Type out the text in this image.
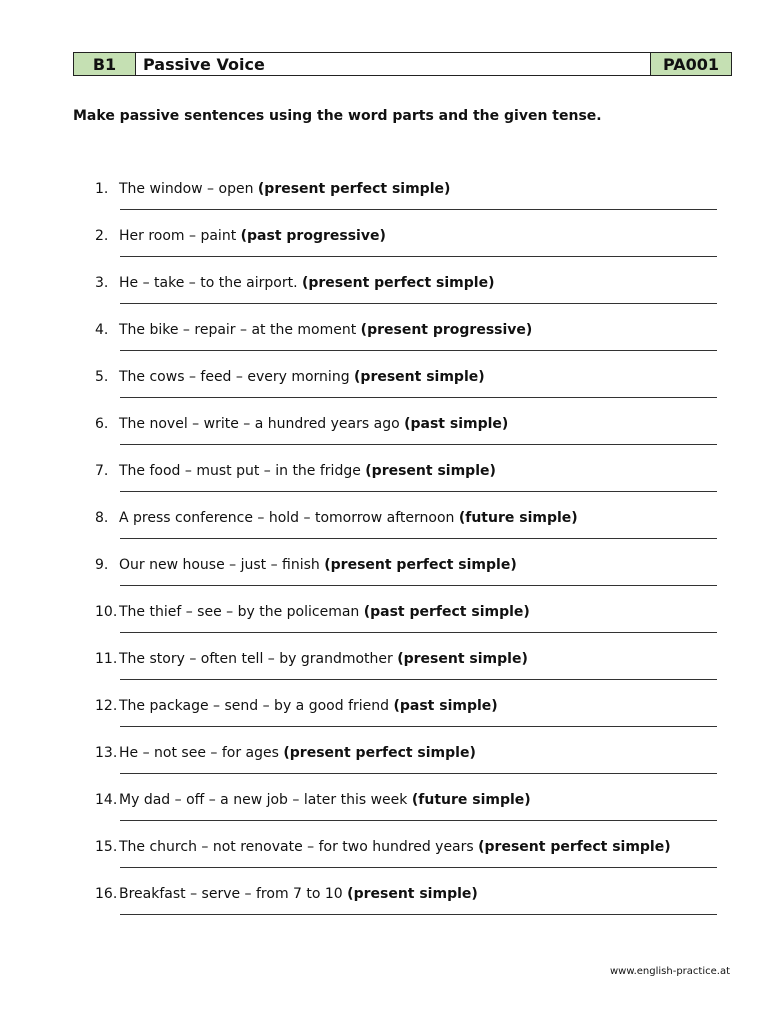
B1	Passive Voice	PA001
Make passive sentences using the word parts and the given tense.
1. The window – open (present perfect simple)
2. Her room – paint (past progressive)
3. He – take – to the airport. (present perfect simple)
4. The bike – repair – at the moment (present progressive)
5. The cows – feed – every morning (present simple)
6. The novel – write – a hundred years ago (past simple)
7. The food – must put – in the fridge (present simple)
8. A press conference – hold – tomorrow afternoon (future simple)
9. Our new house – just – finish (present perfect simple)
10. The thief – see – by the policeman (past perfect simple)
11. The story – often tell – by grandmother (present simple)
12. The package – send – by a good friend (past simple)
13. He – not see – for ages (present perfect simple)
14. My dad – off – a new job – later this week (future simple)
15. The church – not renovate – for two hundred years (present perfect simple)
16. Breakfast – serve – from 7 to 10 (present simple)
www.english-practice.at
